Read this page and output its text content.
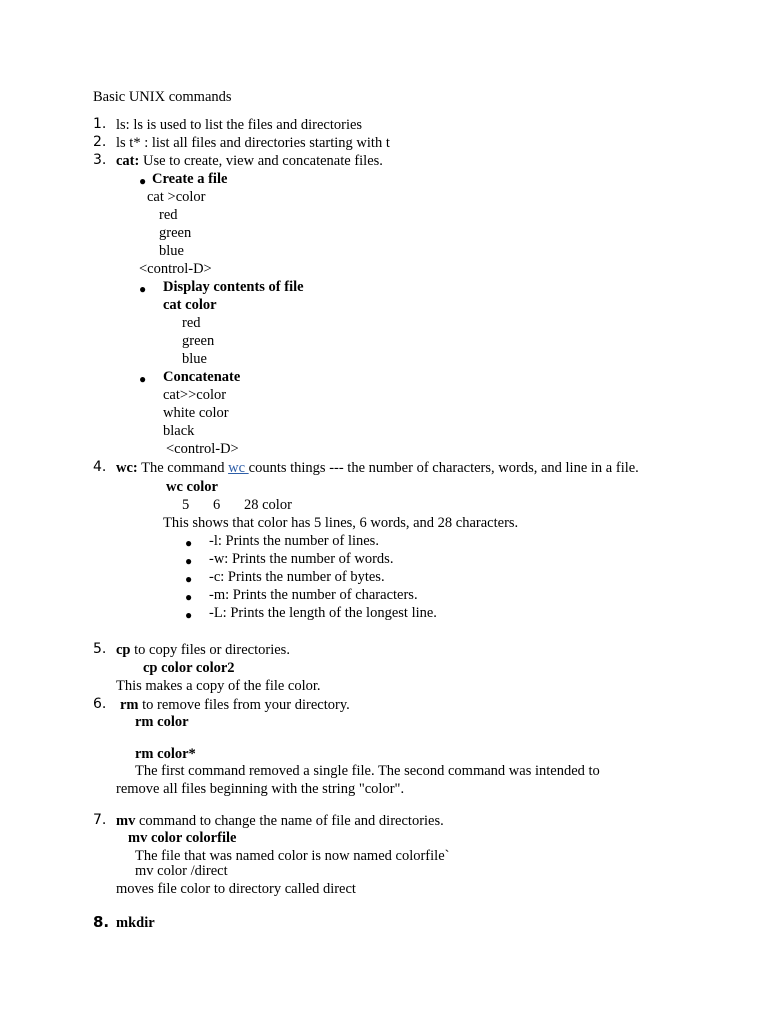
Basic UNIX commands
1. ls: ls is used to list the files and directories
2. ls t* : list all files and directories starting with t
3. cat: Use to create, view and concatenate files.
● Create a file
cat >color
red
green
blue
<control-D>
● Display contents of file
cat color
red
green
blue
● Concatenate
cat>>color
white color
black
<control-D>
4. wc: The command wc counts things --- the number of characters, words, and line in a file.
wc color
5 6 28 color
This shows that color has 5 lines, 6 words, and 28 characters.
● -l: Prints the number of lines.
● -w: Prints the number of words.
● -c: Prints the number of bytes.
● -m: Prints the number of characters.
● -L: Prints the length of the longest line.
5. cp to copy files or directories.
cp color color2
This makes a copy of the file color.
6. rm to remove files from your directory.
rm color
rm color*
The first command removed a single file. The second command was intended to
remove all files beginning with the string "color".
7. mv command to change the name of file and directories.
mv color colorfile
The file that was named color is now named colorfile`
mv color /direct
moves file color to directory called direct
8. mkdir
